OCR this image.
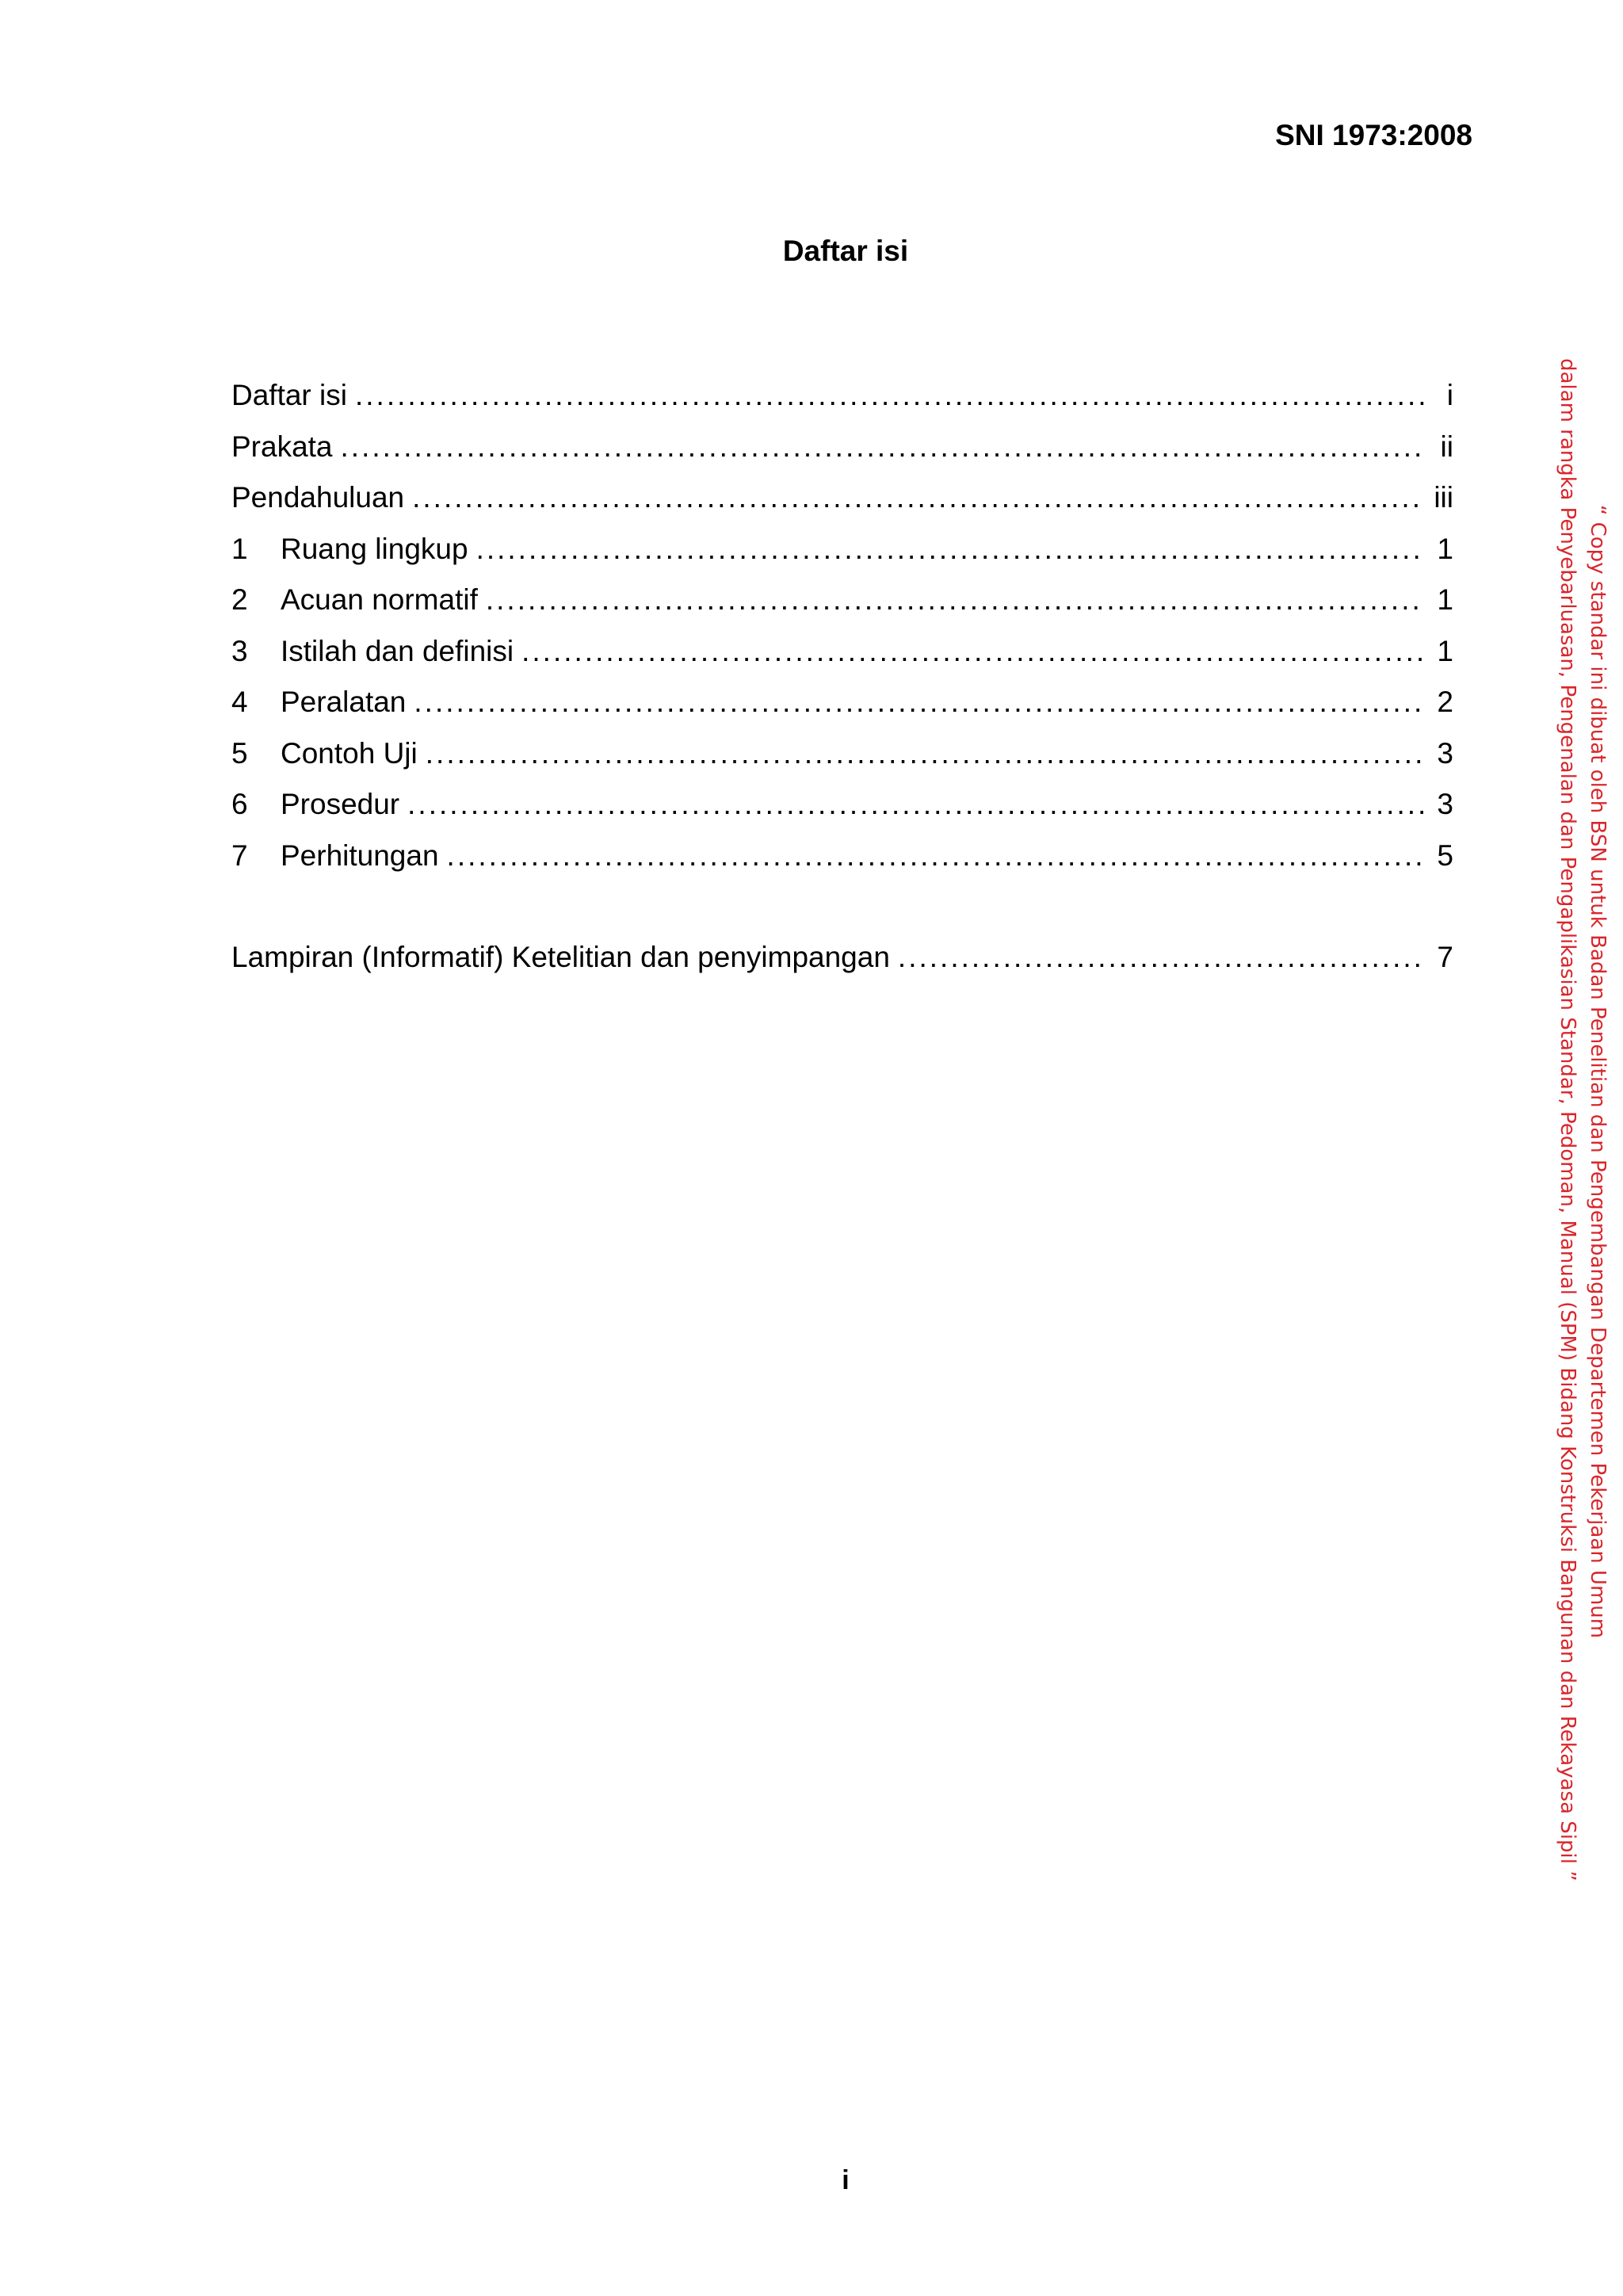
SNI 1973:2008
Daftar isi
Daftar isi .....	i
Prakata .....	ii
Pendahuluan .....	iii
1	Ruang lingkup .....	1
2	Acuan normatif .....	1
3	Istilah dan definisi .....	1
4	Peralatan .....	2
5	Contoh Uji .....	3
6	Prosedur .....	3
7	Perhitungan .....	5
Lampiran (Informatif) Ketelitian dan penyimpangan .....	7	“ Copy standar ini dibuat oleh BSN untuk Badan Penelitian dan Pengembangan Departemen Pekerjaan Umum
dalam rangka Penyebarluasan, Pengenalan dan Pengaplikasian Standar, Pedoman, Manual (SPM) Bidang Konstruksi Bangunan dan Rekayasa Sipil ”
i
